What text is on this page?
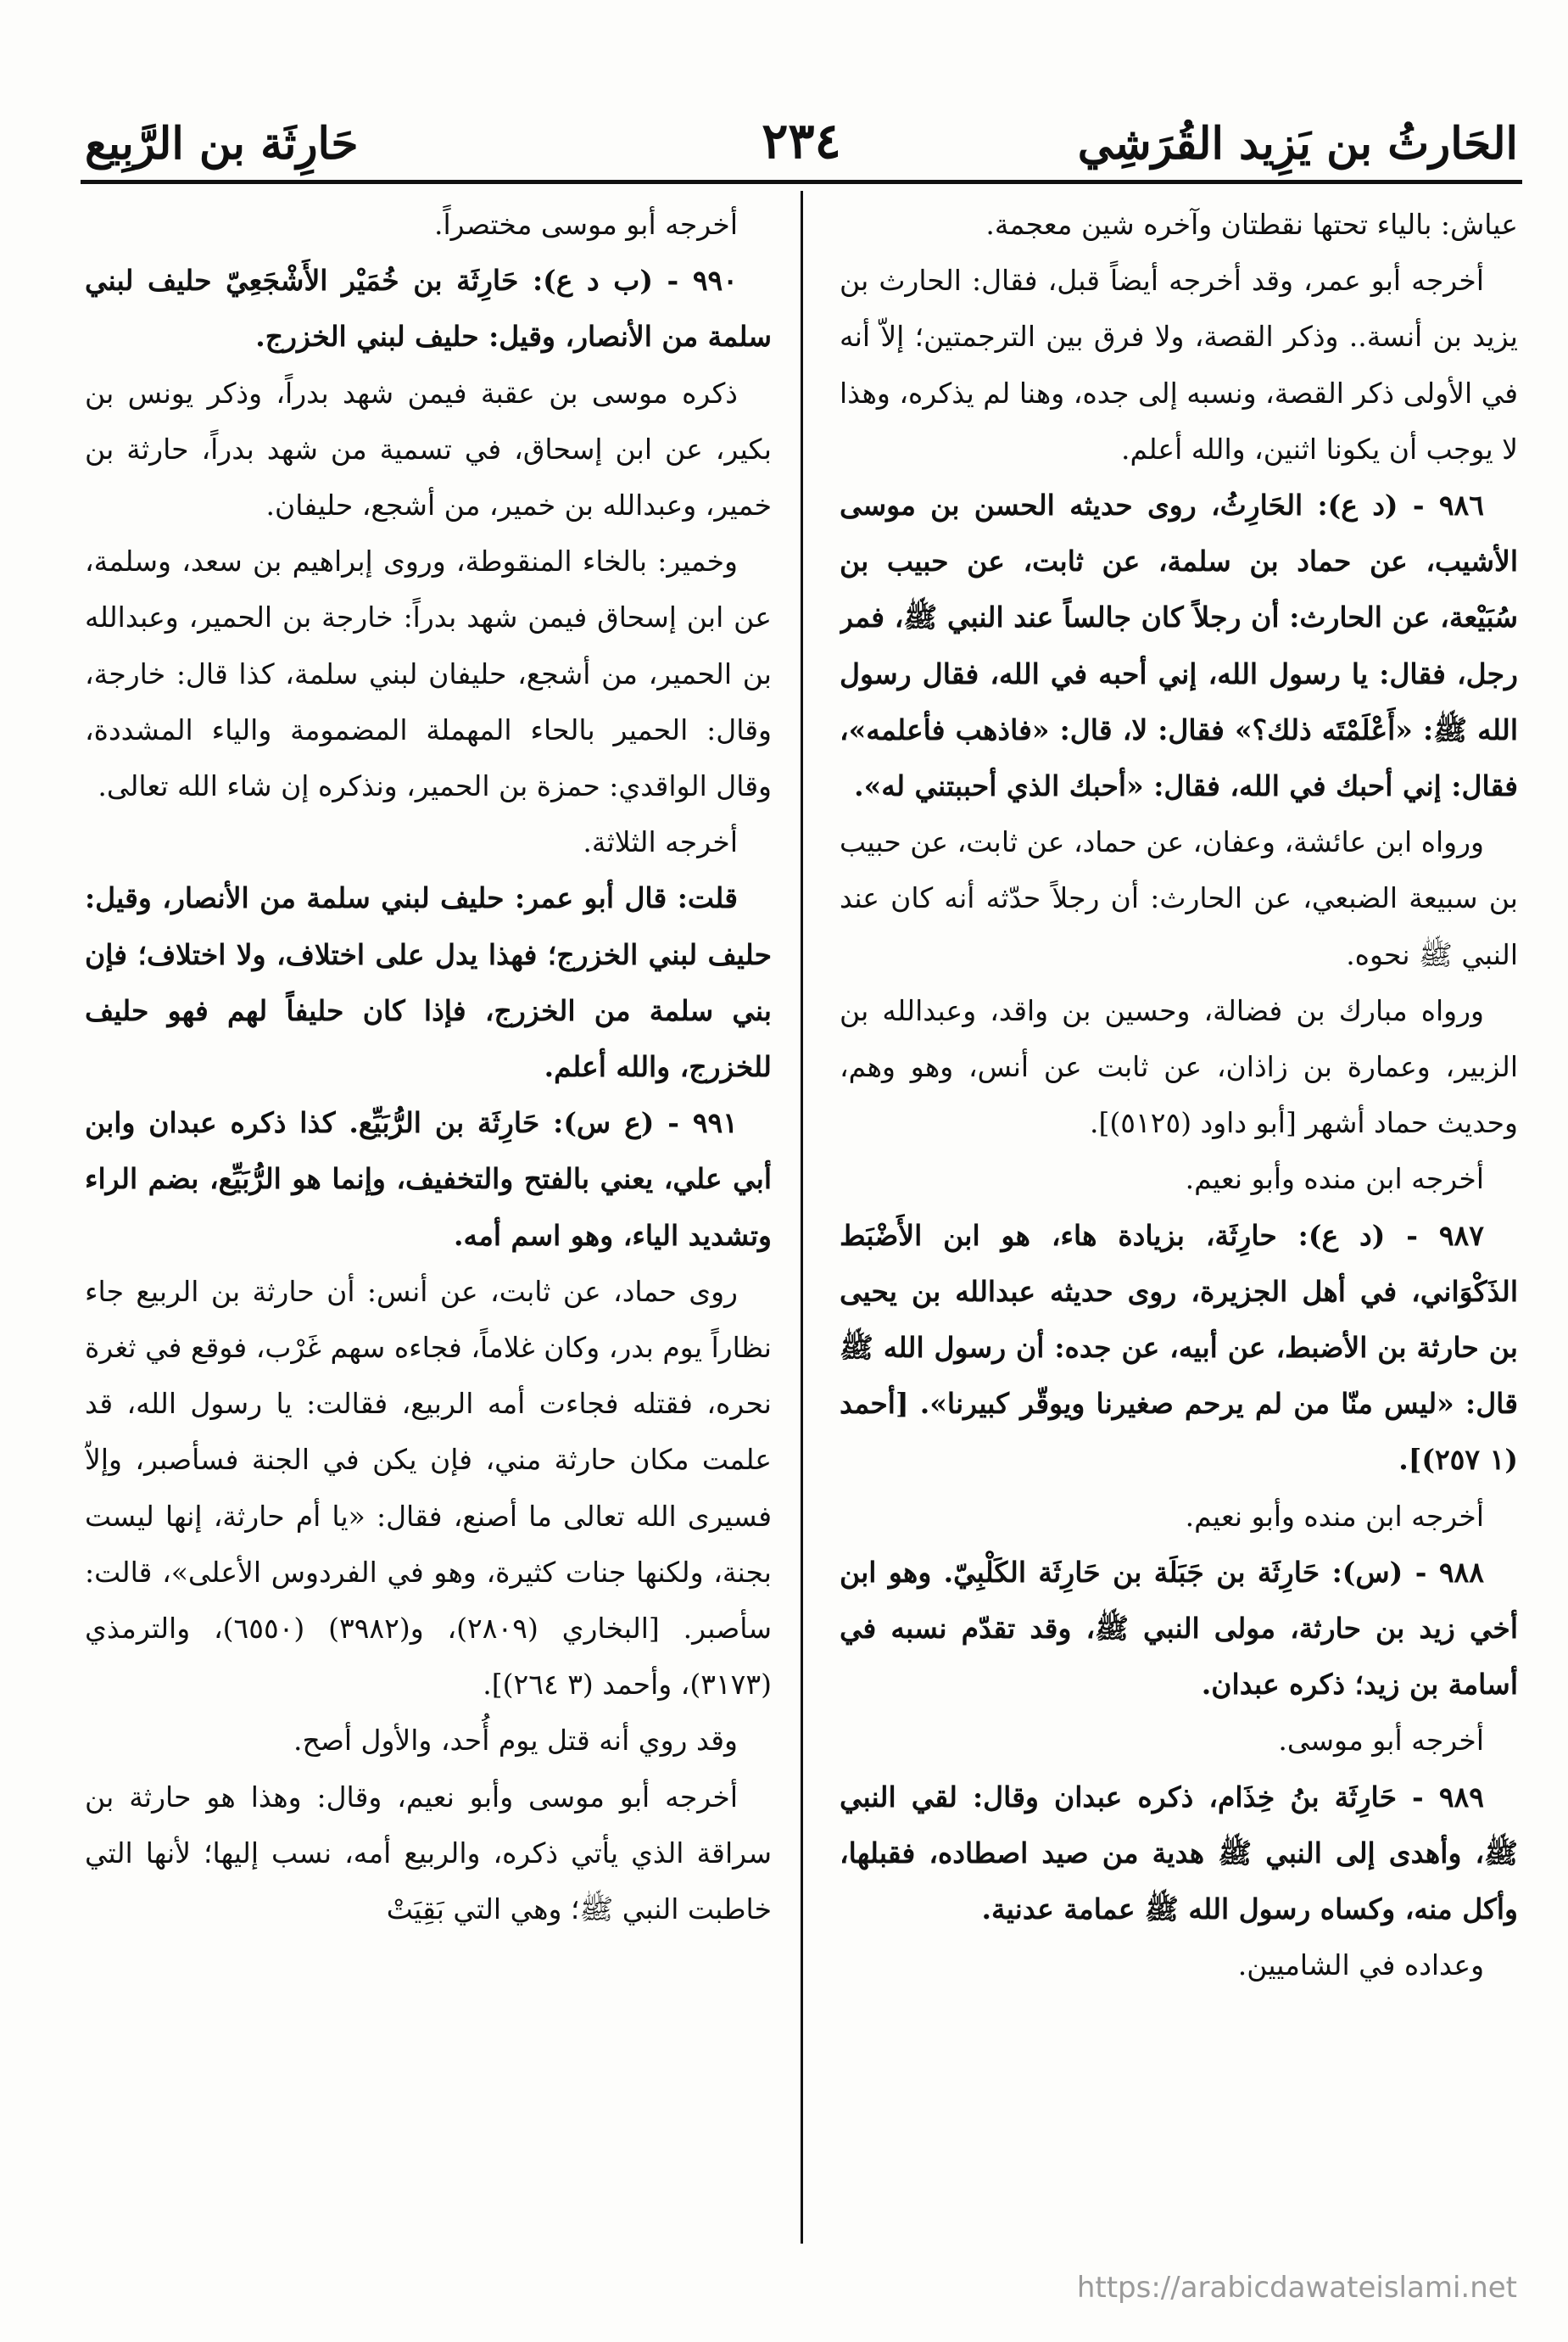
الحَارثُ بن يَزِيد القُرَشِي
٢٣٤
حَارِثَة بن الرَّبِيع

عياش: بالياء تحتها نقطتان وآخره شين معجمة.

أخرجه أبو عمر، وقد أخرجه أيضاً قبل، فقال: الحارث بن يزيد بن أنسة.. وذكر القصة، ولا فرق بين الترجمتين؛ إلاّ أنه في الأولى ذكر القصة، ونسبه إلى جده، وهنا لم يذكره، وهذا لا يوجب أن يكونا اثنين، والله أعلم.

٩٨٦ - (د ع): الحَارِثُ، روى حديثه الحسن بن موسى الأشيب، عن حماد بن سلمة، عن ثابت، عن حبيب بن سُبَيْعة، عن الحارث: أن رجلاً كان جالساً عند النبي ﷺ، فمر رجل، فقال: يا رسول الله، إني أحبه في الله، فقال رسول الله ﷺ: «أَعْلَمْتَه ذلك؟» فقال: لا، قال: «فاذهب فأعلمه»، فقال: إني أحبك في الله، فقال: «أحبك الذي أحببتني له».

ورواه ابن عائشة، وعفان، عن حماد، عن ثابت، عن حبيب بن سبيعة الضبعي، عن الحارث: أن رجلاً حدّثه أنه كان عند النبي ﷺ نحوه.

ورواه مبارك بن فضالة، وحسين بن واقد، وعبدالله بن الزبير، وعمارة بن زاذان، عن ثابت عن أنس، وهو وهم، وحديث حماد أشهر [أبو داود (٥١٢٥)].

أخرجه ابن منده وأبو نعيم.

٩٨٧ - (د ع): حارِثَة، بزيادة هاء، هو ابن الأَضْبَط الذَكْوَاني، في أهل الجزيرة، روى حديثه عبدالله بن يحيى بن حارثة بن الأضبط، عن أبيه، عن جده: أن رسول الله ﷺ قال: «ليس منّا من لم يرحم صغيرنا ويوقّر كبيرنا». [أحمد (١ ٢٥٧)].

أخرجه ابن منده وأبو نعيم.

٩٨٨ - (س): حَارِثَة بن جَبَلَة بن حَارِثَة الكَلْبِيّ. وهو ابن أخي زيد بن حارثة، مولى النبي ﷺ، وقد تقدّم نسبه في أسامة بن زيد؛ ذكره عبدان.

أخرجه أبو موسى.

٩٨٩ - حَارِثَة بنُ خِذَام، ذكره عبدان وقال: لقي النبي ﷺ، وأهدى إلى النبي ﷺ هدية من صيد اصطاده، فقبلها، وأكل منه، وكساه رسول الله ﷺ عمامة عدنية.

وعداده في الشاميين.

أخرجه أبو موسى مختصراً.

٩٩٠ - (ب د ع): حَارِثَة بن خُمَيْر الأَشْجَعِيّ حليف لبني سلمة من الأنصار، وقيل: حليف لبني الخزرج.

ذكره موسى بن عقبة فيمن شهد بدراً، وذكر يونس بن بكير، عن ابن إسحاق، في تسمية من شهد بدراً، حارثة بن خمير، وعبدالله بن خمير، من أشجع، حليفان.

وخمير: بالخاء المنقوطة، وروى إبراهيم بن سعد، وسلمة، عن ابن إسحاق فيمن شهد بدراً: خارجة بن الحمير، وعبدالله بن الحمير، من أشجع، حليفان لبني سلمة، كذا قال: خارجة، وقال: الحمير بالحاء المهملة المضمومة والياء المشددة، وقال الواقدي: حمزة بن الحمير، ونذكره إن شاء الله تعالى.

أخرجه الثلاثة.

قلت: قال أبو عمر: حليف لبني سلمة من الأنصار، وقيل: حليف لبني الخزرج؛ فهذا يدل على اختلاف، ولا اختلاف؛ فإن بني سلمة من الخزرج، فإذا كان حليفاً لهم فهو حليف للخزرج، والله أعلم.

٩٩١ - (ع س): حَارِثَة بن الرُّبَيِّع. كذا ذكره عبدان وابن أبي علي، يعني بالفتح والتخفيف، وإنما هو الرُّبَيِّع، بضم الراء وتشديد الياء، وهو اسم أمه.

روى حماد، عن ثابت، عن أنس: أن حارثة بن الربيع جاء نظاراً يوم بدر، وكان غلاماً، فجاءه سهم غَرْب، فوقع في ثغرة نحره، فقتله فجاءت أمه الربيع، فقالت: يا رسول الله، قد علمت مكان حارثة مني، فإن يكن في الجنة فسأصبر، وإلاّ فسيرى الله تعالى ما أصنع، فقال: «يا أم حارثة، إنها ليست بجنة، ولكنها جنات كثيرة، وهو في الفردوس الأعلى»، قالت: سأصبر. [البخاري (٢٨٠٩)، و(٣٩٨٢) (٦٥٥٠)، والترمذي (٣١٧٣)، وأحمد (٣ ٢٦٤)].

وقد روي أنه قتل يوم أُحد، والأول أصح.

أخرجه أبو موسى وأبو نعيم، وقال: وهذا هو حارثة بن سراقة الذي يأتي ذكره، والربيع أمه، نسب إليها؛ لأنها التي خاطبت النبي ﷺ؛ وهي التي بَقِيَتْ

https://arabicdawateislami.net
